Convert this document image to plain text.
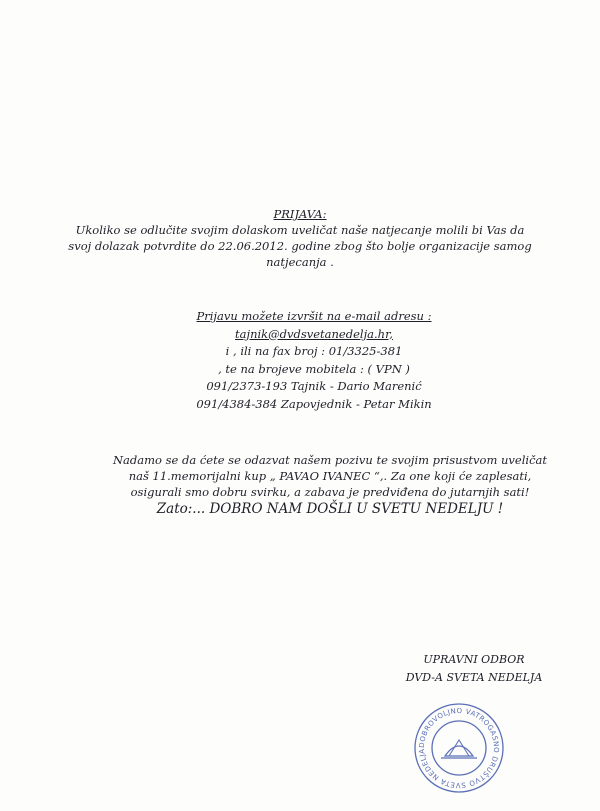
PRIJAVA:
Ukoliko se odlučite svojim dolaskom uveličat naše natjecanje molili bi Vas da
svoj dolazak potvrdite do 22.06.2012. godine zbog što bolje organizacije samog
natjecanja .
Prijavu možete izvršit na e-mail adresu :
tajnik@dvdsvetanedelja.hr,
i , ili na fax broj : 01/3325-381
, te na brojeve mobitela : ( VPN )
091/2373-193 Tajnik - Dario Marenić
091/4384-384 Zapovjednik - Petar Mikin
Nadamo se da ćete se odazvat našem pozivu te svojim prisustvom uveličat
naš 11.memorijalni kup „ PAVAO IVANEC “,. Za one koji će zaplesati,
osigurali smo dobru svirku, a zabava je predviđena do jutarnjih sati!
Zato:... DOBRO NAM DOŠLI U SVETU NEDELJU !
UPRAVNI ODBOR
DVD-A SVETA NEDELJA
DOBROVOLJNO VATROGASNO DRUŠTVO SVETA NEDELJA
